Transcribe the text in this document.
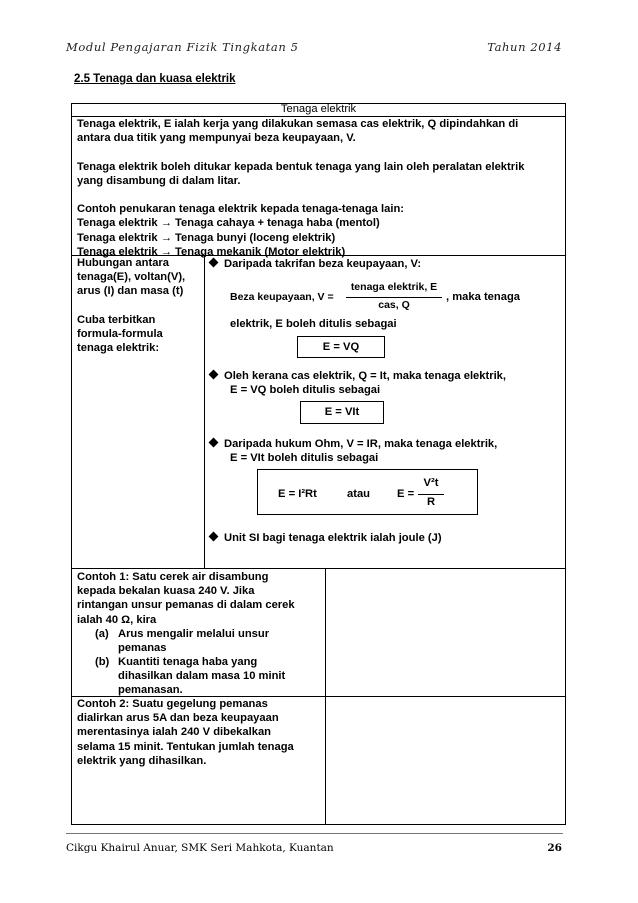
Modul Pengajaran Fizik Tingkatan 5	Tahun 2014
2.5 Tenaga dan kuasa elektrik
Tenaga elektrik
Tenaga elektrik, E ialah kerja yang dilakukan semasa cas elektrik, Q dipindahkan di
antara dua titik yang mempunyai beza keupayaan, V.
Tenaga elektrik boleh ditukar kepada bentuk tenaga yang lain oleh peralatan elektrik
yang disambung di dalam litar.
Contoh penukaran tenaga elektrik kepada tenaga-tenaga lain:
Tenaga elektrik → Tenaga cahaya + tenaga haba (mentol)
Tenaga elektrik → Tenaga bunyi (loceng elektrik)
Tenaga elektrik → Tenaga mekanik (Motor elektrik)
Hubungan antara
tenaga(E), voltan(V),
arus (I) dan masa (t)
Cuba terbitkan
formula-formula
tenaga elektrik:
Daripada takrifan beza keupayaan, V:
Beza keupayaan, V =
tenaga elektrik, E
cas, Q
, maka tenaga
elektrik, E boleh ditulis sebagai
E = VQ
Oleh kerana cas elektrik, Q = It, maka tenaga elektrik,
E = VQ boleh ditulis sebagai
E = VIt
Daripada hukum Ohm, V = IR, maka tenaga elektrik,
E = VIt boleh ditulis sebagai
E = I²Rt	atau E =
V²t
R
Unit SI bagi tenaga elektrik ialah joule (J)
Contoh 1: Satu cerek air disambung
kepada bekalan kuasa 240 V. Jika
rintangan unsur pemanas di dalam cerek
ialah 40 Ω, kira
(a) Arus mengalir melalui unsur
pemanas
(b) Kuantiti tenaga haba yang
dihasilkan dalam masa 10 minit
pemanasan.
Contoh 2: Suatu gegelung pemanas
dialirkan arus 5A dan beza keupayaan
merentasinya ialah 240 V dibekalkan
selama 15 minit. Tentukan jumlah tenaga
elektrik yang dihasilkan.
Cikgu Khairul Anuar, SMK Seri Mahkota, Kuantan	26
